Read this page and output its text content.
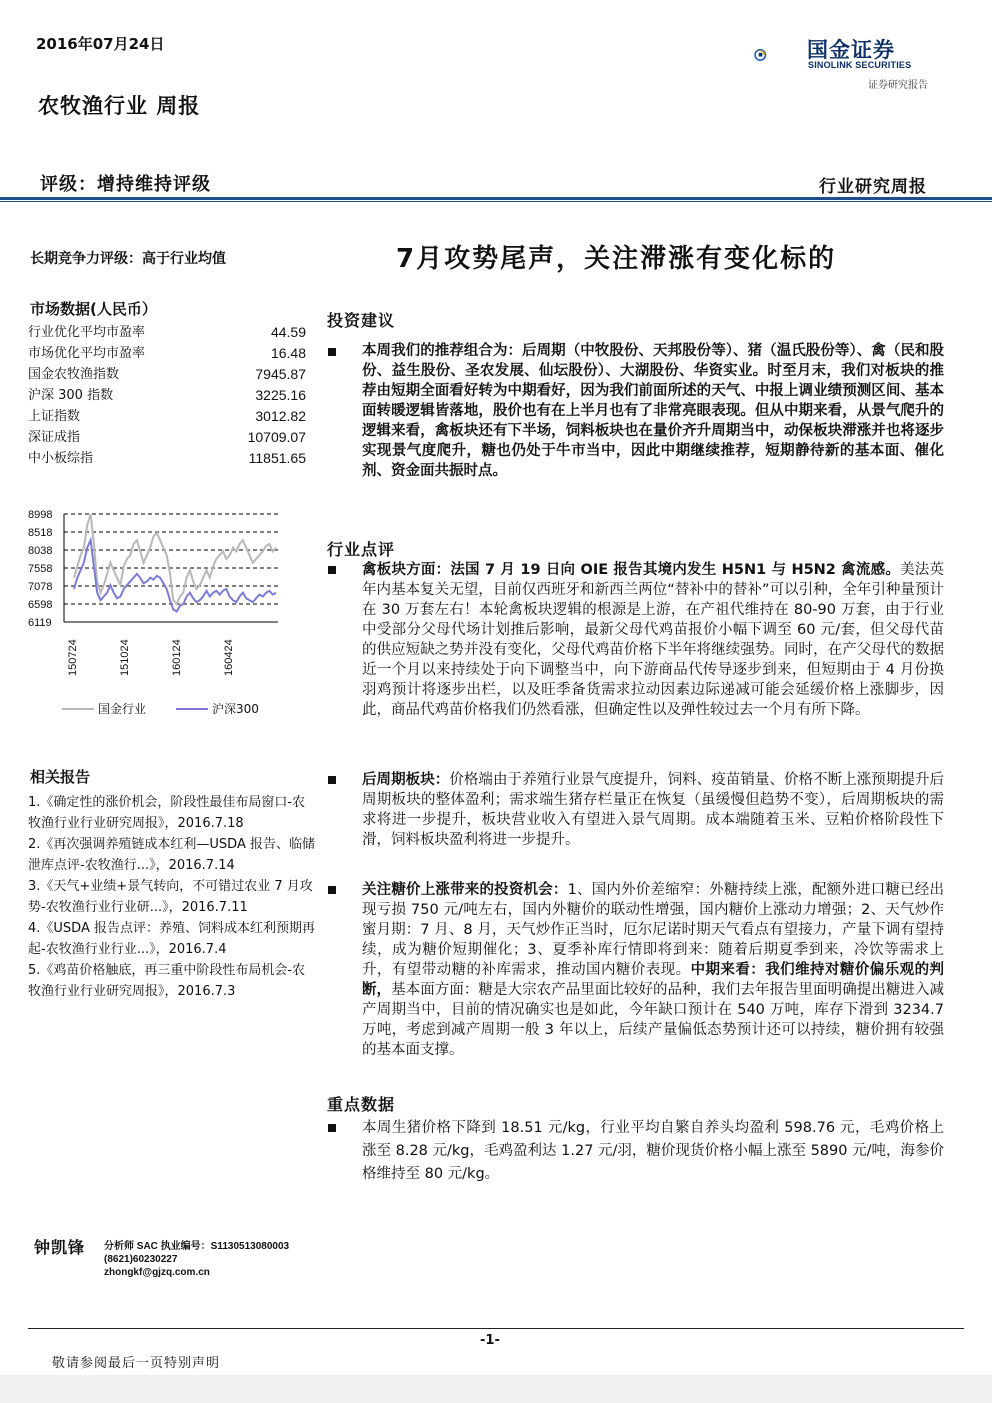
2016年07月24日
农牧渔行业 周报
国金证券
SINOLINK SECURITIES
证券研究报告
评级：增持维持评级	行业研究周报
长期竞争力评级：高于行业均值
市场数据(人民币）
行业优化平均市盈率	44.59
市场优化平均市盈率	16.48
国金农牧渔指数	7945.87
沪深 300 指数	3225.16
上证指数	3012.82
深证成指	10709.07
中小板综指	11851.65
8998
8518
8038
7558
7078
6598
6119
150724	151024	160124	160424
国金行业	沪深300
相关报告
1.《确定性的涨价机会，阶段性最佳布局窗口-农牧渔行业行业研究周报》，2016.7.18
2.《再次强调养殖链成本红利—USDA 报告、临储泄库点评-农牧渔行...》，2016.7.14
3.《天气+业绩+景气转向，不可错过农业 7 月攻势-农牧渔行业行业研...》，2016.7.11
4.《USDA 报告点评：养殖、饲料成本红利预期再起-农牧渔行业行业...》，2016.7.4
5.《鸡苗价格触底，再三重中阶段性布局机会-农牧渔行业行业研究周报》，2016.7.3
钟凯锋 分析师 SAC 执业编号：S1130513080003
(8621)60230227
zhongkf@gjzq.com.cn
7月攻势尾声，关注滞涨有变化标的
投资建议
本周我们的推荐组合为：后周期（中牧股份、天邦股份等）、猪（温氏股份等）、禽（民和股份、益生股份、圣农发展、仙坛股份）、大湖股份、华资实业。时至月末，我们对板块的推荐由短期全面看好转为中期看好，因为我们前面所述的天气、中报上调业绩预测区间、基本面转暖逻辑皆落地，股价也有在上半月也有了非常亮眼表现。但从中期来看，从景气爬升的逻辑来看，禽板块还有下半场，饲料板块也在量价齐升周期当中，动保板块滞涨并也将逐步实现景气度爬升，糖也仍处于牛市当中，因此中期继续推荐，短期静待新的基本面、催化剂、资金面共振时点。
行业点评
禽板块方面：法国 7 月 19 日向 OIE 报告其境内发生 H5N1 与 H5N2 禽流感。美法英年内基本复关无望，目前仅西班牙和新西兰两位“替补中的替补”可以引种，全年引种量预计在 30 万套左右！本轮禽板块逻辑的根源是上游，在产祖代维持在 80-90 万套，由于行业中受部分父母代场计划推后影响，最新父母代鸡苗报价小幅下调至 60 元/套，但父母代苗的供应短缺之势并没有变化，父母代鸡苗价格下半年将继续强势。同时，在产父母代的数据近一个月以来持续处于向下调整当中，向下游商品代传导逐步到来，但短期由于 4 月份换羽鸡预计将逐步出栏，以及旺季备货需求拉动因素边际递减可能会延缓价格上涨脚步，因此，商品代鸡苗价格我们仍然看涨，但确定性以及弹性较过去一个月有所下降。
后周期板块：价格端由于养殖行业景气度提升，饲料、疫苗销量、价格不断上涨预期提升后周期板块的整体盈利；需求端生猪存栏量正在恢复（虽缓慢但趋势不变），后周期板块的需求将进一步提升，板块营业收入有望进入景气周期。成本端随着玉米、豆粕价格阶段性下滑，饲料板块盈利将进一步提升。
关注糖价上涨带来的投资机会：1、国内外价差缩窄：外糖持续上涨，配额外进口糖已经出现亏损 750 元/吨左右，国内外糖价的联动性增强，国内糖价上涨动力增强；2、天气炒作蜜月期：7 月、8 月，天气炒作正当时，厄尔尼诺时期天气看点有望接力，产量下调有望持续，成为糖价短期催化；3、夏季补库行情即将到来：随着后期夏季到来，冷饮等需求上升，有望带动糖的补库需求，推动国内糖价表现。中期来看：我们维持对糖价偏乐观的判断，基本面方面：糖是大宗农产品里面比较好的品种，我们去年报告里面明确提出糖进入减产周期当中，目前的情况确实也是如此，今年缺口预计在 540 万吨，库存下滑到 3234.7 万吨，考虑到减产周期一般 3 年以上，后续产量偏低态势预计还可以持续，糖价拥有较强的基本面支撑。
重点数据
本周生猪价格下降到 18.51 元/kg，行业平均自繁自养头均盈利 598.76 元，毛鸡价格上涨至 8.28 元/kg，毛鸡盈利达 1.27 元/羽，糖价现货价格小幅上涨至 5890 元/吨，海参价格维持至 80 元/kg。
-1-
敬请参阅最后一页特别声明
